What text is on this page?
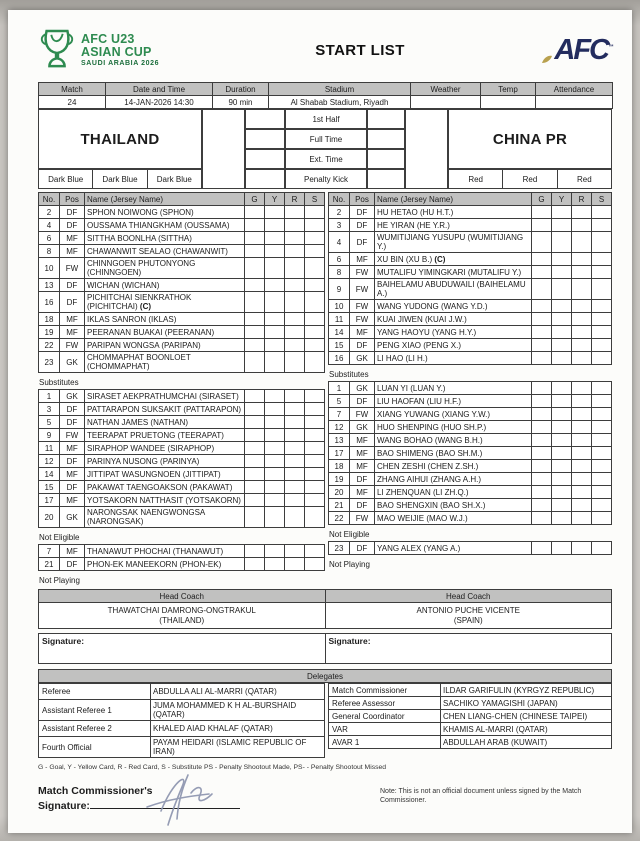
AFC U23
ASIAN CUP
SAUDI ARABIA 2026
START LIST	AFC™
Match	Date and Time	Duration	Stadium	Weather	Temp	Attendance
24	14-JAN-2026 14:30	90 min	Al Shabab Stadium, Riyadh			
THAILAND
1st Half
Full Time
Ext. Time
Penalty Kick
CHINA PR
Dark Blue	Dark Blue	Dark Blue	Red	Red	Red
No.	Pos	Name (Jersey Name)	G	Y	R	S
2	DF	SPHON NOIWONG (SPHON)				
4	DF	OUSSAMA THIANGKHAM (OUSSAMA)				
6	MF	SITTHA BOONLHA (SITTHA)				
8	MF	CHAWANWIT SEALAO (CHAWANWIT)				
10	FW	CHINNGOEN PHUTONYONG (CHINNGOEN)				
13	DF	WICHAN (WICHAN)				
16	DF	PICHITCHAI SIENKRATHOK (PICHITCHAI) (C)				
18	MF	IKLAS SANRON (IKLAS)				
19	MF	PEERANAN BUAKAI (PEERANAN)				
22	FW	PARIPAN WONGSA (PARIPAN)				
23	GK	CHOMMAPHAT BOONLOET (CHOMMAPHAT)				
Substitutes
1	GK	SIRASET AEKPRATHUMCHAI (SIRASET)				
3	DF	PATTARAPON SUKSAKIT (PATTARAPON)				
5	DF	NATHAN JAMES (NATHAN)				
9	FW	TEERAPAT PRUETONG (TEERAPAT)				
11	MF	SIRAPHOP WANDEE (SIRAPHOP)				
12	DF	PARINYA NUSONG (PARINYA)				
14	MF	JITTIPAT WASUNGNOEN (JITTIPAT)				
15	DF	PAKAWAT TAENGOAKSON (PAKAWAT)				
17	MF	YOTSAKORN NATTHASIT (YOTSAKORN)				
20	GK	NARONGSAK NAENGWONGSA (NARONGSAK)				
Not Eligible
7	MF	THANAWUT PHOCHAI (THANAWUT)				
21	DF	PHON-EK MANEEKORN (PHON-EK)				
Not Playing
No.	Pos	Name (Jersey Name)	G	Y	R	S
2	DF	HU HETAO (HU H.T.)				
3	DF	HE YIRAN (HE Y.R.)				
4	DF	WUMITIJIANG YUSUPU (WUMITIJIANG Y.)				
6	MF	XU BIN (XU B.) (C)				
8	FW	MUTALIFU YIMINGKARI (MUTALIFU Y.)				
9	FW	BAIHELAMU ABUDUWAILI (BAIHELAMU A.)				
10	FW	WANG YUDONG (WANG Y.D.)				
11	FW	KUAI JIWEN (KUAI J.W.)				
14	MF	YANG HAOYU (YANG H.Y.)				
15	DF	PENG XIAO (PENG X.)				
16	GK	LI HAO (LI H.)				
Substitutes
1	GK	LUAN YI (LUAN Y.)				
5	DF	LIU HAOFAN (LIU H.F.)				
7	FW	XIANG YUWANG (XIANG Y.W.)				
12	GK	HUO SHENPING (HUO SH.P.)				
13	MF	WANG BOHAO (WANG B.H.)				
17	MF	BAO SHIMENG (BAO SH.M.)				
18	MF	CHEN ZESHI (CHEN Z.SH.)				
19	DF	ZHANG AIHUI (ZHANG A.H.)				
20	MF	LI ZHENQUAN (LI ZH.Q.)				
21	DF	BAO SHENGXIN (BAO SH.X.)				
22	FW	MAO WEIJIE (MAO W.J.)				
Not Eligible
23	DF	YANG ALEX (YANG A.)				
Not Playing
Head Coach	Head Coach

THAWATCHAI DAMRONG-ONGTRAKUL
(THAILAND)

ANTONIO PUCHE VICENTE
(SPAIN)
Signature:	Signature:
Delegates
Referee	ABDULLA ALI AL-MARRI (QATAR)
Assistant Referee 1	JUMA MOHAMMED K H AL-BURSHAID (QATAR)
Assistant Referee 2	KHALED AIAD KHALAF (QATAR)
Fourth Official	PAYAM HEIDARI (ISLAMIC REPUBLIC OF IRAN)
Match Commissioner	ILDAR GARIFULIN (KYRGYZ REPUBLIC)
Referee Assessor	SACHIKO YAMAGISHI (JAPAN)
General Coordinator	CHEN LIANG-CHEN (CHINESE TAIPEI)
VAR	KHAMIS AL-MARRI (QATAR)
AVAR 1	ABDULLAH ARAB (KUWAIT)
G - Goal, Y - Yellow Card, R - Red Card, S - Substitute PS - Penalty Shootout Made, PS- - Penalty Shootout Missed
Match Commissioner's
Signature:
Note: This is not an official document unless signed by the Match Commissioner.
